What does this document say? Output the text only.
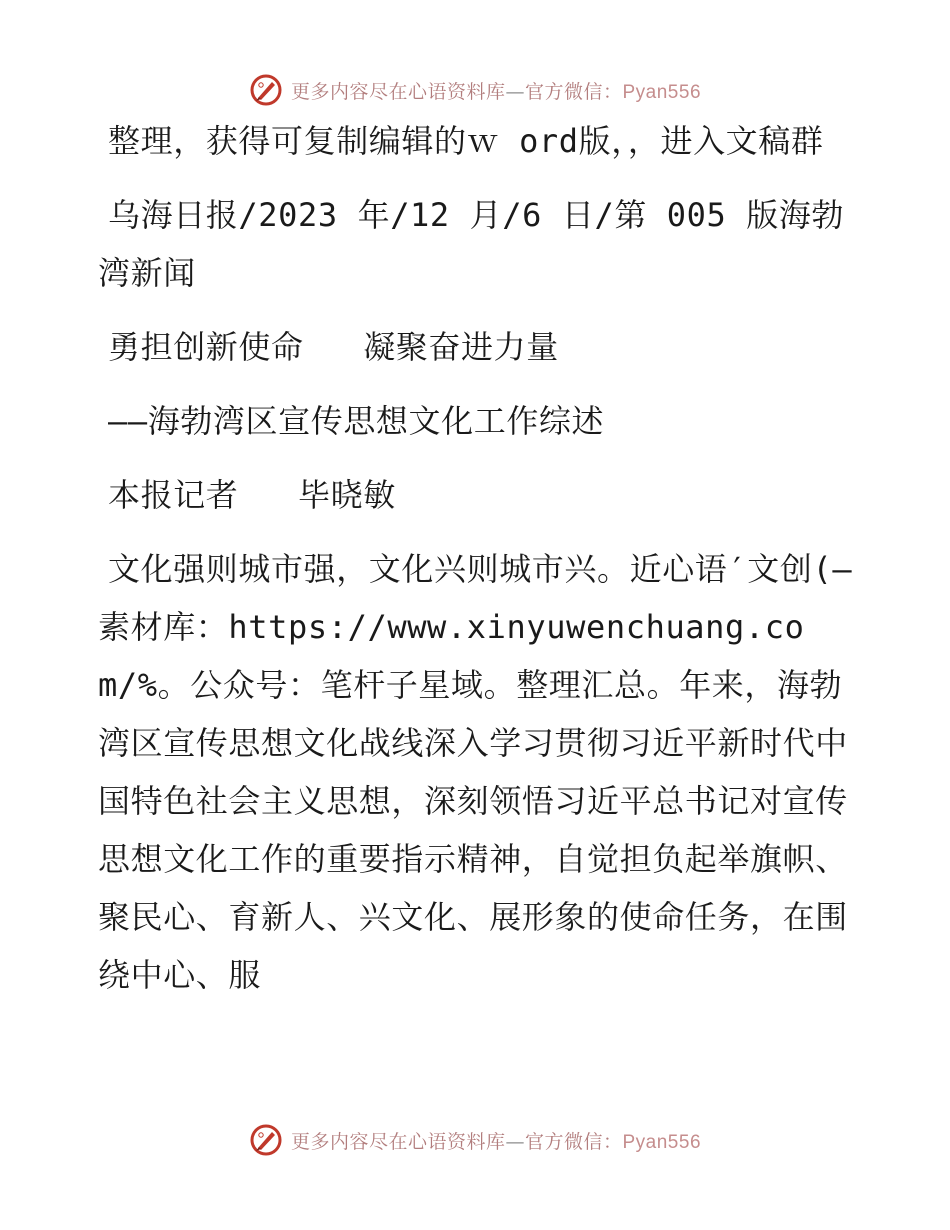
更多内容尽在心语资料库—官方微信：Pyan556

整理，获得可复制编辑的ｗ ord版，，进入文稿群

乌海日报/2023 年/12 月/6 日/第 005 版海勃湾新闻

勇担创新使命   凝聚奋进力量

——海勃湾区宣传思想文化工作综述

本报记者   毕晓敏

文化强则城市强，文化兴则城市兴。近心语′文创(—素材库：https://www.xinyuwenchuang.com/%。公众号：笔杆子星域。整理汇总。年来，海勃湾区宣传思想文化战线深入学习贯彻习近平新时代中国特色社会主义思想，深刻领悟习近平总书记对宣传思想文化工作的重要指示精神，自觉担负起举旗帜、聚民心、育新人、兴文化、展形象的使命任务，在围绕中心、服

更多内容尽在心语资料库—官方微信：Pyan556
